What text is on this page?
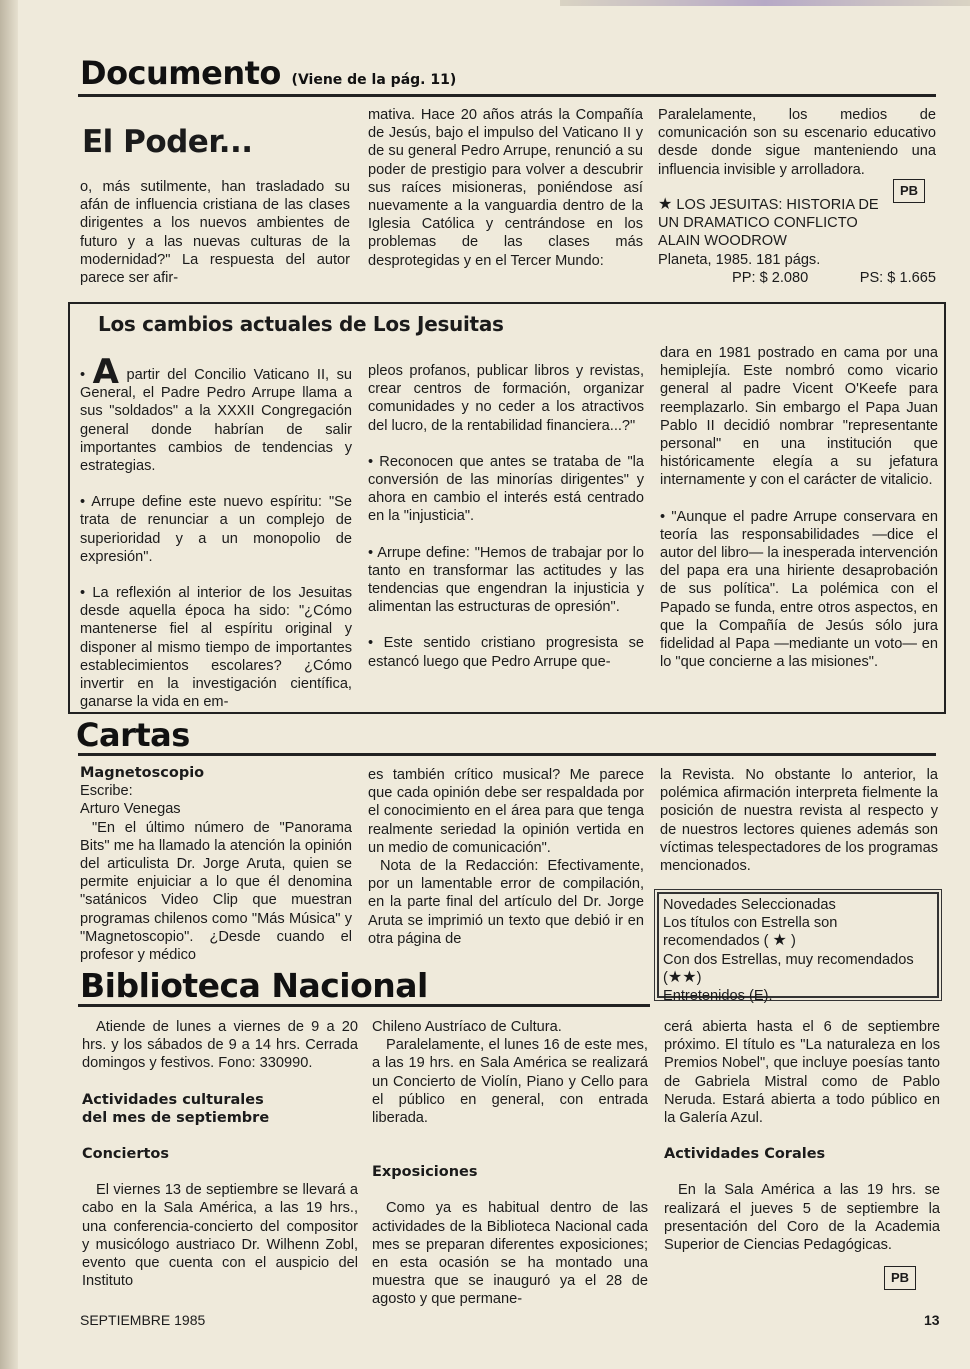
Documento (Viene de la pág. 11)
El Poder...

o, más sutilmente, han trasladado su afán de influencia cristiana de las clases dirigentes a los nuevos ambientes de futuro y a las nuevas culturas de la modernidad?" La respuesta del autor parece ser afir-

mativa. Hace 20 años atrás la Compañía de Jesús, bajo el impulso del Vaticano II y de su general Pedro Arrupe, renunció a su poder de prestigio para volver a descubrir sus raíces misioneras, poniéndose así nuevamente a la vanguardia dentro de la Iglesia Católica y centrándose en los problemas de las clases más desprotegidas y en el Tercer Mundo:

Paralelamente, los medios de comunicación son su escenario educativo desde donde sigue manteniendo una influencia invisible y arrolladora.

PB
★ LOS JESUITAS: HISTORIA DE
UN DRAMATICO CONFLICTO
ALAIN WOODROW
Planeta, 1985. 181 págs.
PP: $ 2.080	PS: $ 1.665
Los cambios actuales de Los Jesuitas

• A partir del Concilio Vaticano II, su General, el Padre Pedro Arrupe llama a sus "soldados" a la XXXII Congregación general donde habrían de salir importantes cambios de tendencias y estrategias.

• Arrupe define este nuevo espíritu: "Se trata de renunciar a un complejo de superioridad y a un monopolio de expresión".

• La reflexión al interior de los Jesuitas desde aquella época ha sido: "¿Cómo mantenerse fiel al espíritu original y disponer al mismo tiempo de importantes establecimientos escolares? ¿Cómo invertir en la investigación científica, ganarse la vida en em-

pleos profanos, publicar libros y revistas, crear centros de formación, organizar comunidades y no ceder a los atractivos del lucro, de la rentabilidad financiera...?"

• Reconocen que antes se trataba de "la conversión de las minorías dirigentes" y ahora en cambio el interés está centrado en la "injusticia".

• Arrupe define: "Hemos de trabajar por lo tanto en transformar las actitudes y las tendencias que engendran la injusticia y alimentan las estructuras de opresión".

• Este sentido cristiano progresista se estancó luego que Pedro Arrupe que-

dara en 1981 postrado en cama por una hemiplejía. Este nombró como vicario general al padre Vicent O'Keefe para reemplazarlo. Sin embargo el Papa Juan Pablo II decidió nombrar "representante personal" en una institución que históricamente elegía a su jefatura internamente y con el carácter de vitalicio.

• "Aunque el padre Arrupe conservara en teoría las responsabilidades —dice el autor del libro— la inesperada intervención del papa era una hiriente desaprobación de sus política". La polémica con el Papado se funda, entre otros aspectos, en que la Compañía de Jesús sólo jura fidelidad al Papa —mediante un voto— en lo "que concierne a las misiones".

Cartas

Magnetoscopio

Escribe:

Arturo Venegas

"En el último número de "Panorama Bits" me ha llamado la atención la opinión del articulista Dr. Jorge Aruta, quien se permite enjuiciar a lo que él denomina "satánicos Video Clip que muestran programas chilenos como "Más Música" y "Magnetoscopio". ¿Desde cuando el profesor y médico

es también crítico musical? Me parece que cada opinión debe ser respaldada por el conocimiento en el área para que tenga realmente seriedad la opinión vertida en un medio de comunicación".

Nota de la Redacción: Efectivamente, por un lamentable error de compilación, en la parte final del artículo del Dr. Jorge Aruta se imprimió un texto que debió ir en otra página de

la Revista. No obstante lo anterior, la polémica afirmación interpreta fielmente la posición de nuestra revista al respecto y de nuestros lectores quienes además son víctimas telespectadores de los programas mencionados.

Novedades Seleccionadas

Los títulos con Estrella son recomendados ( ★ )

Con dos Estrellas, muy recomendados (★★)

Entretenidos (E).

Biblioteca Nacional

Atiende de lunes a viernes de 9 a 20 hrs. y los sábados de 9 a 14 hrs. Cerrada domingos y festivos. Fono: 330990.

Actividades culturales del mes de septiembre

Conciertos

El viernes 13 de septiembre se llevará a cabo en la Sala América, a las 19 hrs., una conferencia-concierto del compositor y musicólogo austriaco Dr. Wilhenn Zobl, evento que cuenta con el auspicio del Instituto

Chileno Austríaco de Cultura.

Paralelamente, el lunes 16 de este mes, a las 19 hrs. en Sala América se realizará un Concierto de Violín, Piano y Cello para el público en general, con entrada liberada.

Exposiciones

Como ya es habitual dentro de las actividades de la Biblioteca Nacional cada mes se preparan diferentes exposiciones; en esta ocasión se ha montado una muestra que se inauguró ya el 28 de agosto y que permane-

cerá abierta hasta el 6 de septiembre próximo. El título es "La naturaleza en los Premios Nobel", que incluye poesías tanto de Gabriela Mistral como de Pablo Neruda. Estará abierta a todo público en la Galería Azul.

Actividades Corales

En la Sala América a las 19 hrs. se realizará el jueves 5 de septiembre la presentación del Coro de la Academia Superior de Ciencias Pedagógicas.

PB
SEPTIEMBRE 1985	13
